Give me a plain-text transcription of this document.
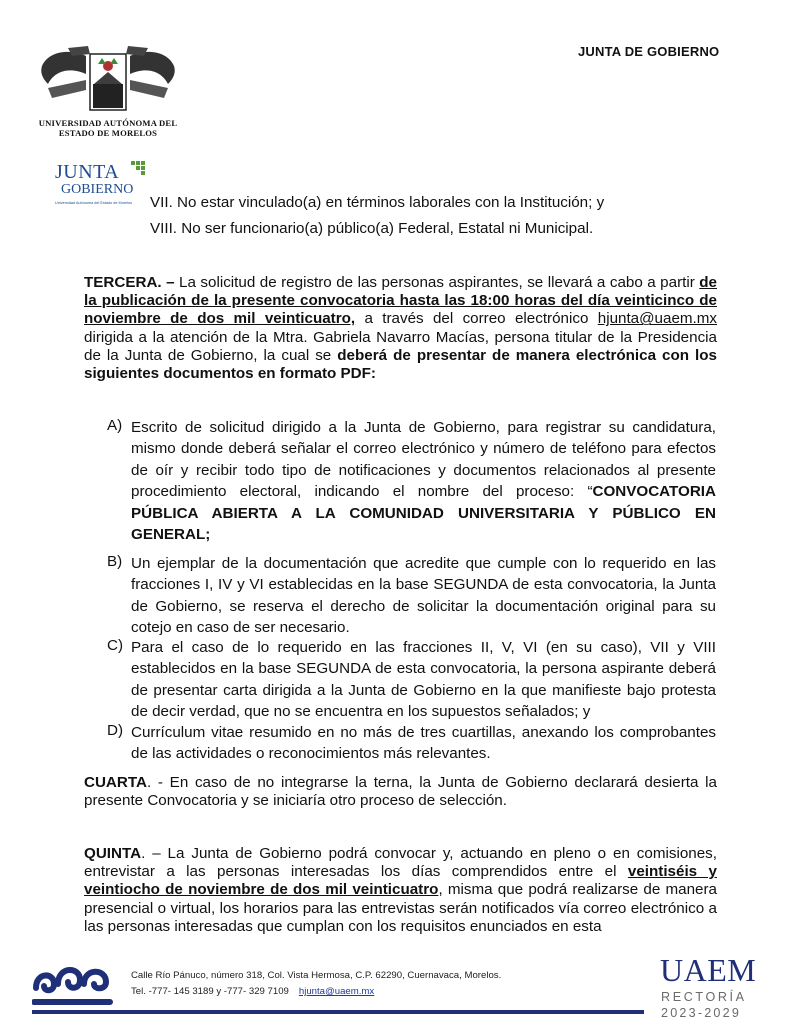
JUNTA DE GOBIERNO
UNIVERSIDAD AUTÓNOMA DEL
ESTADO DE MORELOS
JUNTA
GOBIERNO
Universidad Autónoma del Estado de Morelos VII. No estar vinculado(a) en términos laborales con la Institución; y
VIII. No ser funcionario(a) público(a) Federal, Estatal ni Municipal.
TERCERA. – La solicitud de registro de las personas aspirantes, se llevará a cabo a partir de la publicación de la presente convocatoria hasta las 18:00 horas del día veinticinco de noviembre de dos mil veinticuatro, a través del correo electrónico hjunta@uaem.mx dirigida a la atención de la Mtra. Gabriela Navarro Macías, persona titular de la Presidencia de la Junta de Gobierno, la cual se deberá de presentar de manera electrónica con los siguientes documentos en formato PDF:
A) Escrito de solicitud dirigido a la Junta de Gobierno, para registrar su candidatura, mismo donde deberá señalar el correo electrónico y número de teléfono para efectos de oír y recibir todo tipo de notificaciones y documentos relacionados al presente procedimiento electoral, indicando el nombre del proceso: “CONVOCATORIA PÚBLICA ABIERTA A LA COMUNIDAD UNIVERSITARIA Y PÚBLICO EN GENERAL;
B) Un ejemplar de la documentación que acredite que cumple con lo requerido en las fracciones I, IV y VI establecidas en la base SEGUNDA de esta convocatoria, la Junta de Gobierno, se reserva el derecho de solicitar la documentación original para su cotejo en caso de ser necesario.
C) Para el caso de lo requerido en las fracciones II, V, VI (en su caso), VII y VIII establecidos en la base SEGUNDA de esta convocatoria, la persona aspirante deberá de presentar carta dirigida a la Junta de Gobierno en la que manifieste bajo protesta de decir verdad, que no se encuentra en los supuestos señalados; y
D) Currículum vitae resumido en no más de tres cuartillas, anexando los comprobantes de las actividades o reconocimientos más relevantes.
CUARTA. - En caso de no integrarse la terna, la Junta de Gobierno declarará desierta la presente Convocatoria y se iniciaría otro proceso de selección.
QUINTA. – La Junta de Gobierno podrá convocar y, actuando en pleno o en comisiones, entrevistar a las personas interesadas los días comprendidos entre el veintiséis y veintiocho de noviembre de dos mil veinticuatro, misma que podrá realizarse de manera presencial o virtual, los horarios para las entrevistas serán notificados vía correo electrónico a las personas interesadas que cumplan con los requisitos enunciados en esta
Calle Río Pánuco, número 318, Col. Vista Hermosa, C.P. 62290, Cuernavaca, Morelos.
Tel. -777- 145 3189 y -777- 329 7109 hjunta@uaem.mx
UAEM
RECTORÍA
2023-2029
